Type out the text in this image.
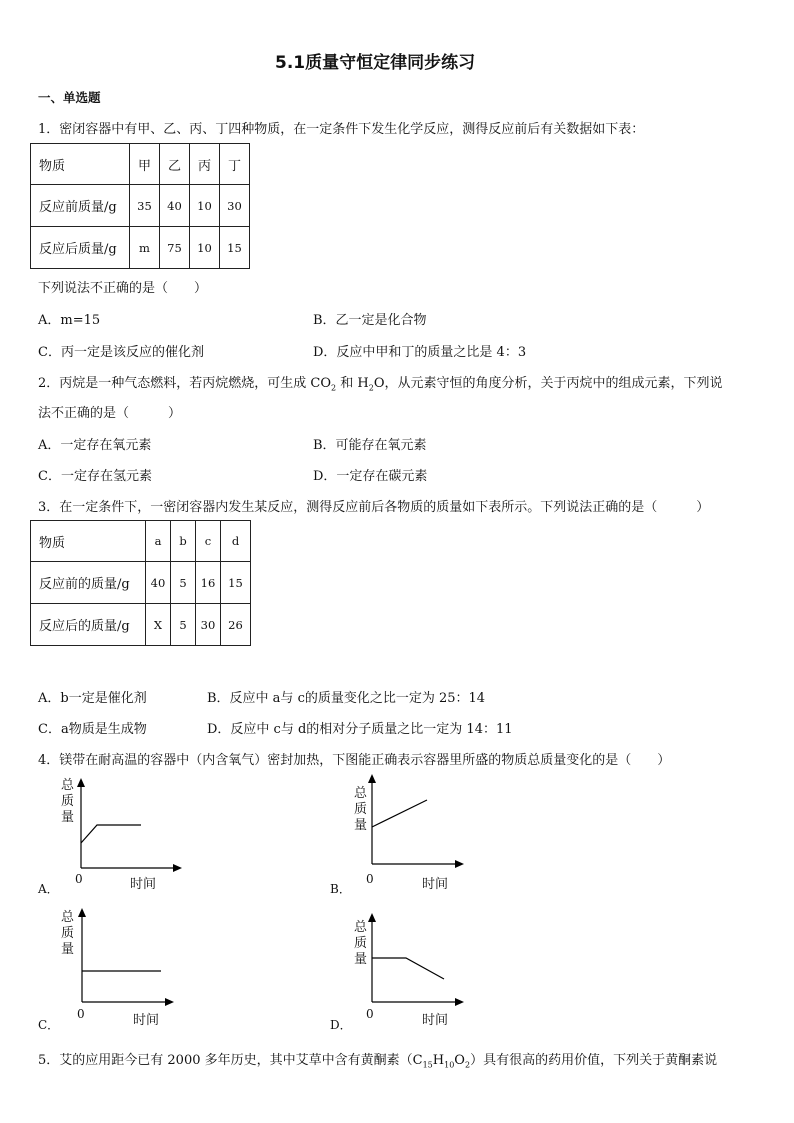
5.1质量守恒定律同步练习
一、单选题
1．密闭容器中有甲、乙、丙、丁四种物质，在一定条件下发生化学反应，测得反应前后有关数据如下表：
物质	甲	乙	丙	丁
反应前质量/g	35	40	10	30
反应后质量/g	m	75	10	15
下列说法不正确的是（　　）
A．m=15	B．乙一定是化合物
C．丙一定是该反应的催化剂	D．反应中甲和丁的质量之比是 4：3
2．丙烷是一种气态燃料，若丙烷燃烧，可生成 $CO_2$ 和 $H_2O$，从元素守恒的角度分析，关于丙烷中的组成元素，下列说
法不正确的是（　　　）
A．一定存在氧元素	B．可能存在氧元素
C．一定存在氢元素	D．一定存在碳元素
3．在一定条件下，一密闭容器内发生某反应，测得反应前后各物质的质量如下表所示。下列说法正确的是（　　　）
物质	a	b	c	d
反应前的质量/g	40	5	16	15
反应后的质量/g	X	5	30	26
A．b一定是催化剂	B．反应中 a与 c的质量变化之比一定为 25：14
C．a物质是生成物	D．反应中 c与 d的相对分子质量之比一定为 14：11
4．镁带在耐高温的容器中（内含氧气）密封加热，下图能正确表示容器里所盛的物质总质量变化的是（　　）
A．
总质量
0	时间	B．
总质量
0	时间
C．
总质量
0	时间	D．
总质量
0	时间
5．艾的应用距今已有 2000 多年历史，其中艾草中含有黄酮素$(C_{15}H_{10}O_2)$具有很高的药用价值，下列关于黄酮素说
